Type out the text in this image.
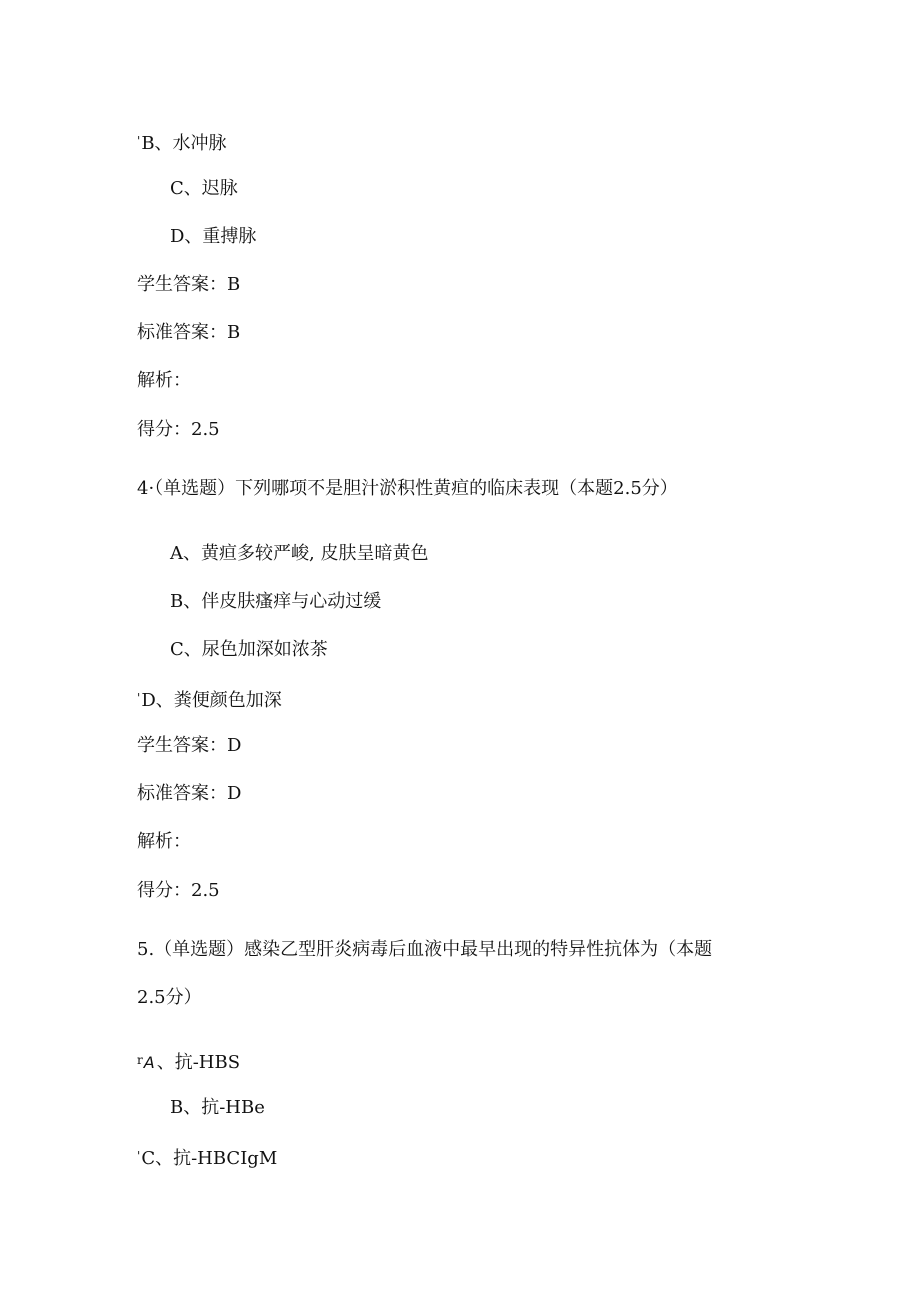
'B、水冲脉
C、迟脉
D、重搏脉
学生答案：B
标准答案：B
解析：
得分：2.5
4·（单选题）下列哪项不是胆汁淤积性黄疸的临床表现（本题2.5分）
A、黄疸多较严峻, 皮肤呈暗黄色
B、伴皮肤瘙痒与心动过缓
C、尿色加深如浓茶
'D、粪便颜色加深
学生答案：D
标准答案：D
解析：
得分：2.5
5.（单选题）感染乙型肝炎病毒后血液中最早出现的特异性抗体为（本题
2.5分）
$^r$A 、抗-HBS
B、抗-HBe
'C、抗-HBCIgM
